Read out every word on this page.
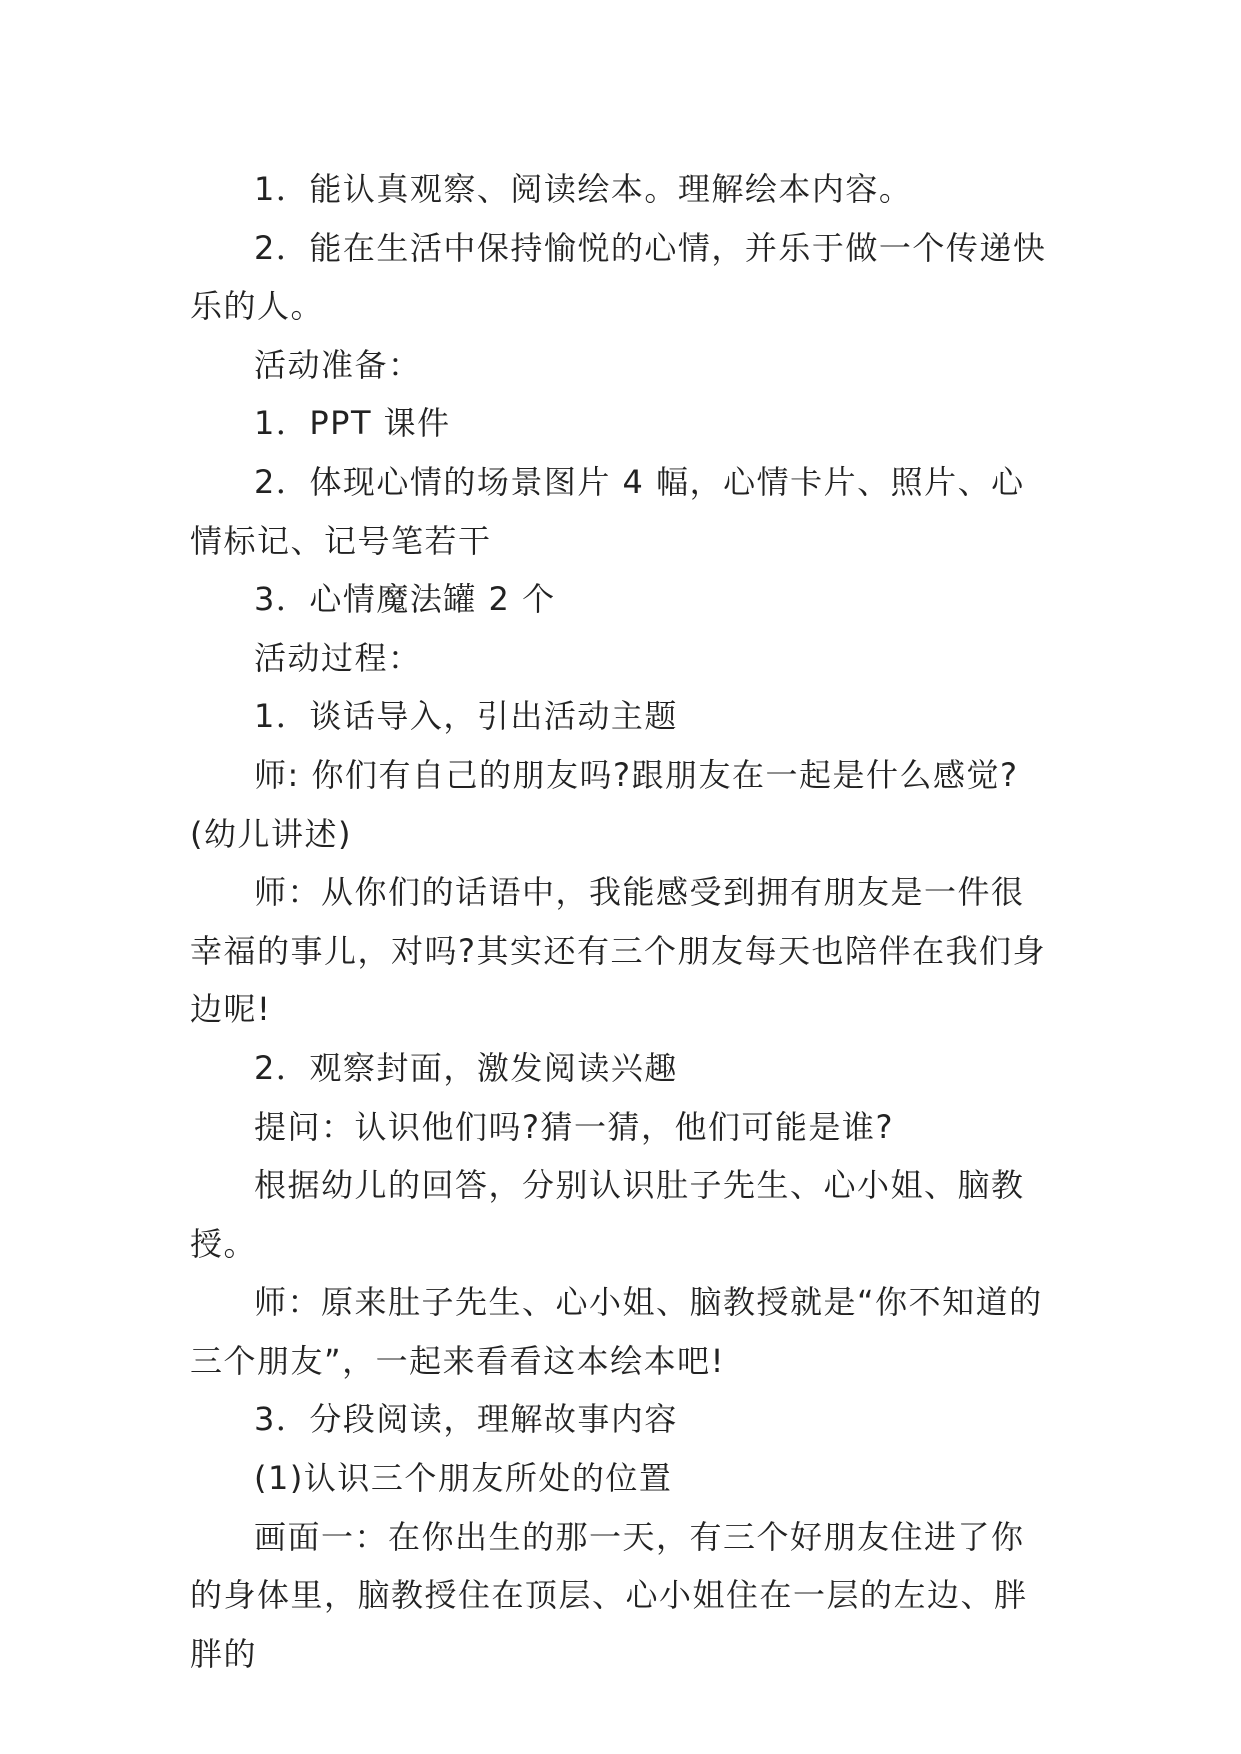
1．能认真观察、阅读绘本。理解绘本内容。

2．能在生活中保持愉悦的心情，并乐于做一个传递快乐的人。

活动准备：

1．PPT 课件

2．体现心情的场景图片 4 幅，心情卡片、照片、心情标记、记号笔若干

3．心情魔法罐 2 个

活动过程：

1．谈话导入，引出活动主题

师: 你们有自己的朋友吗?跟朋友在一起是什么感觉?(幼儿讲述)

师：从你们的话语中，我能感受到拥有朋友是一件很幸福的事儿，对吗?其实还有三个朋友每天也陪伴在我们身边呢!

2．观察封面，激发阅读兴趣

提问：认识他们吗?猜一猜，他们可能是谁?

根据幼儿的回答，分别认识肚子先生、心小姐、脑教授。

师：原来肚子先生、心小姐、脑教授就是“你不知道的三个朋友”，一起来看看这本绘本吧!

3．分段阅读，理解故事内容

(1)认识三个朋友所处的位置

画面一：在你出生的那一天，有三个好朋友住进了你的身体里，脑教授住在顶层、心小姐住在一层的左边、胖胖的
